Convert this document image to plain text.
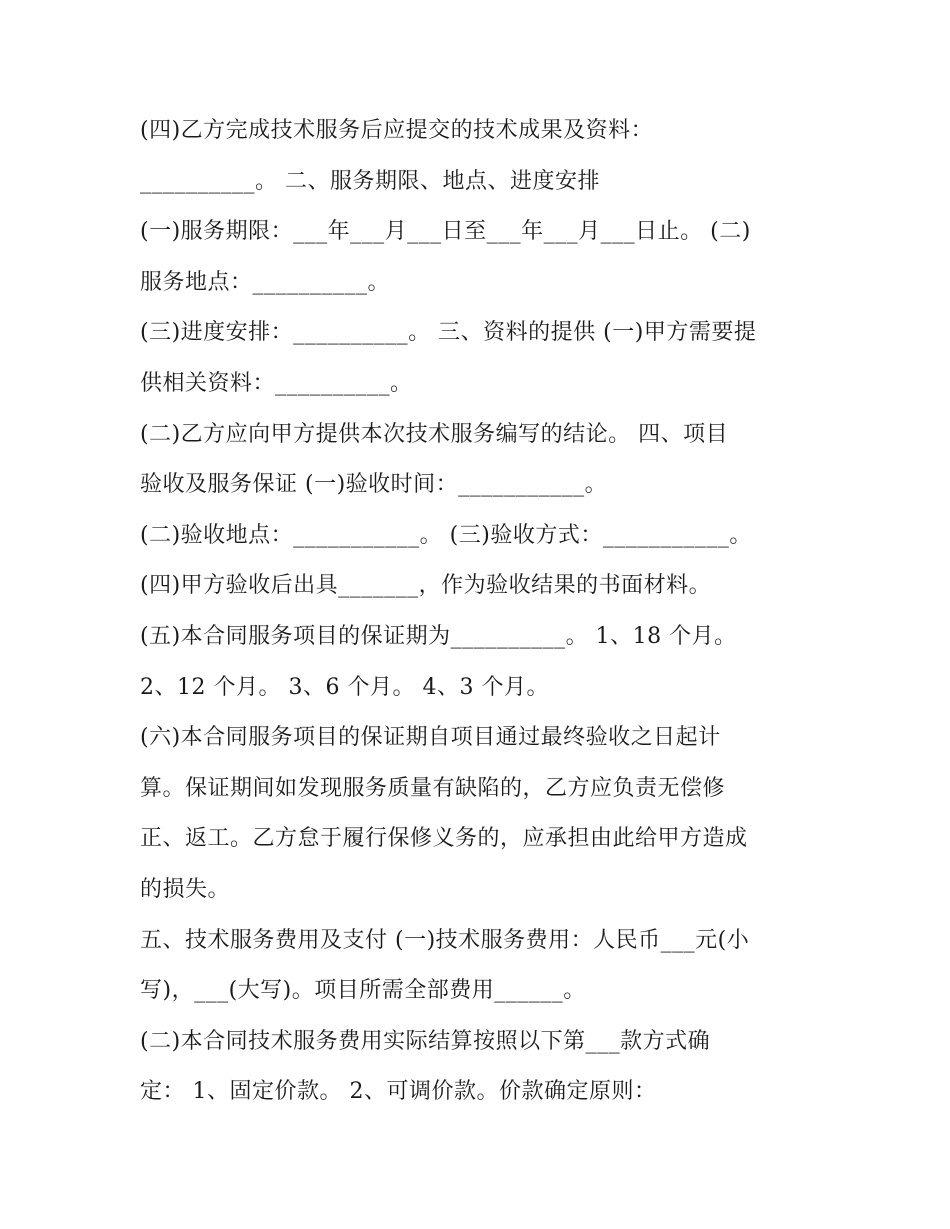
(四)乙方完成技术服务后应提交的技术成果及资料：
__________。 二、服务期限、地点、进度安排
(一)服务期限：___年___月___日至___年___月___日止。 (二)
服务地点：__________。
(三)进度安排：__________。 三、资料的提供 (一)甲方需要提
供相关资料：__________。
(二)乙方应向甲方提供本次技术服务编写的结论。 四、项目
验收及服务保证 (一)验收时间：___________。
(二)验收地点：___________。 (三)验收方式：___________。
(四)甲方验收后出具_______，作为验收结果的书面材料。
(五)本合同服务项目的保证期为__________。 1、18 个月。
2、12 个月。 3、6 个月。 4、3 个月。
(六)本合同服务项目的保证期自项目通过最终验收之日起计
算。保证期间如发现服务质量有缺陷的，乙方应负责无偿修
正、返工。乙方怠于履行保修义务的，应承担由此给甲方造成
的损失。
五、技术服务费用及支付 (一)技术服务费用：人民币___元(小
写)，___(大写)。项目所需全部费用______。
(二)本合同技术服务费用实际结算按照以下第___款方式确
定： 1、固定价款。 2、可调价款。价款确定原则：
